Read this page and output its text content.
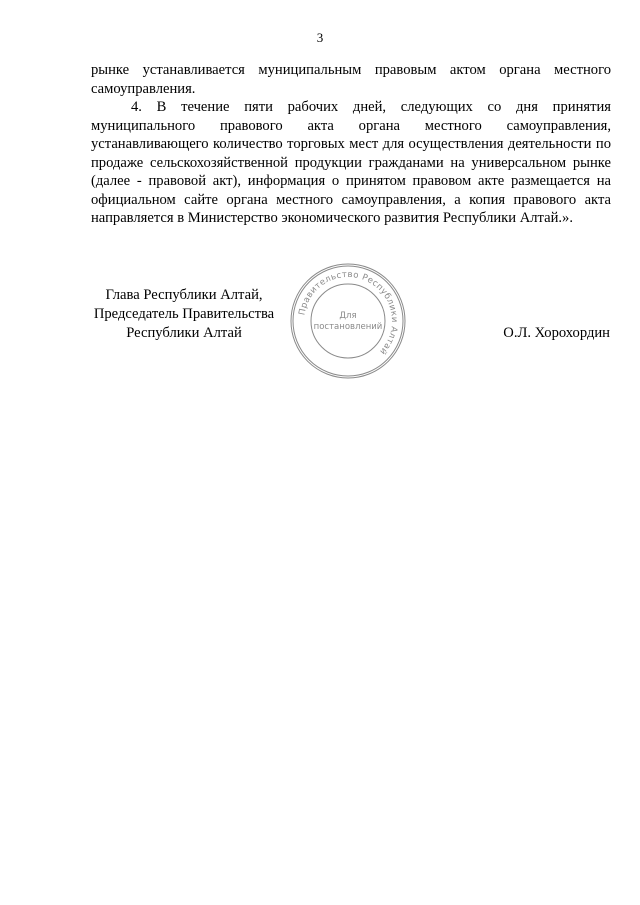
3

рынке устанавливается муниципальным правовым актом органа местного самоуправления.

4. В течение пяти рабочих дней, следующих со дня принятия муниципального правового акта органа местного самоуправления, устанавливающего количество торговых мест для осуществления деятельности по продаже сельскохозяйственной продукции гражданами на универсальном рынке (далее - правовой акт), информация о принятом правовом акте размещается на официальном сайте органа местного самоуправления, а копия правового акта направляется в Министерство экономического развития Республики Алтай.».

Глава Республики Алтай,
Председатель Правительства
Республики Алтай
Правительство Республики Алтай
Для
постановлений	О.Л. Хорохордин
